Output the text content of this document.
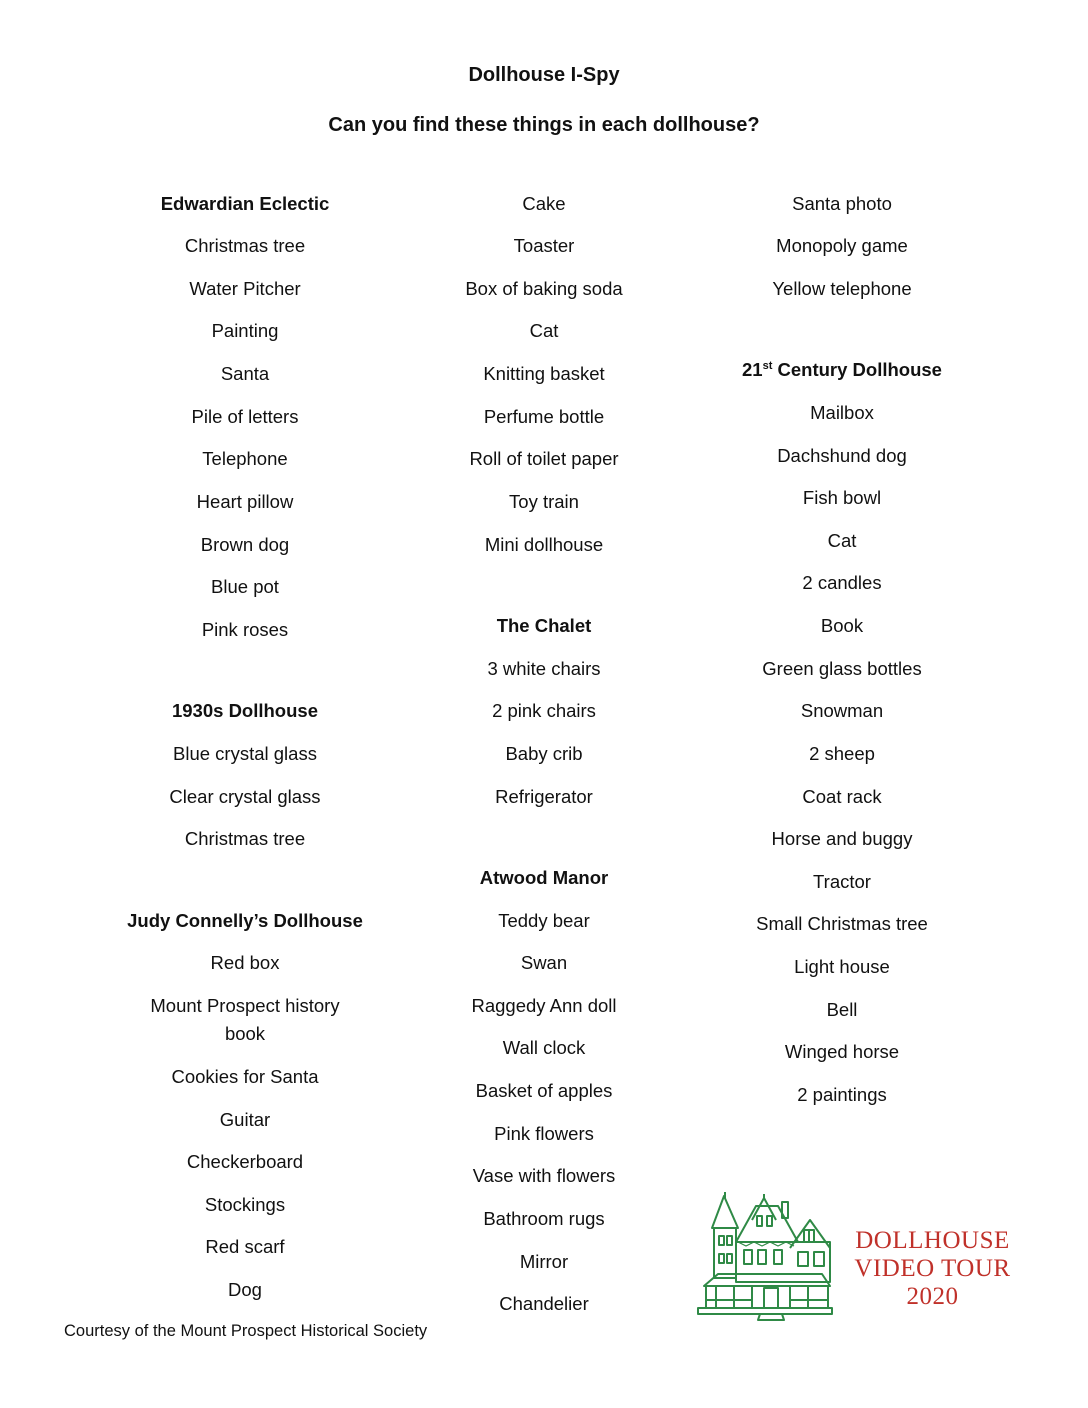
Dollhouse I-Spy
Can you find these things in each dollhouse?
Edwardian Eclectic
Christmas tree
Water Pitcher
Painting
Santa
Pile of letters
Telephone
Heart pillow
Brown dog
Blue pot
Pink roses
1930s Dollhouse
Blue crystal glass
Clear crystal glass
Christmas tree
Judy Connelly’s Dollhouse
Red box
Mount Prospect history book
Cookies for Santa
Guitar
Checkerboard
Stockings
Red scarf
Dog
Cake
Toaster
Box of baking soda
Cat
Knitting basket
Perfume bottle
Roll of toilet paper
Toy train
Mini dollhouse
The Chalet
3 white chairs
2 pink chairs
Baby crib
Refrigerator
Atwood Manor
Teddy bear
Swan
Raggedy Ann doll
Wall clock
Basket of apples
Pink flowers
Vase with flowers
Bathroom rugs
Mirror
Chandelier
Santa photo
Monopoly game
Yellow telephone
21st Century Dollhouse
Mailbox
Dachshund dog
Fish bowl
Cat
2 candles
Book
Green glass bottles
Snowman
2 sheep
Coat rack
Horse and buggy
Tractor
Small Christmas tree
Light house
Bell
Winged horse
2 paintings

Courtesy of the Mount Prospect Historical Society

DOLLHOUSE
VIDEO TOUR
2020
